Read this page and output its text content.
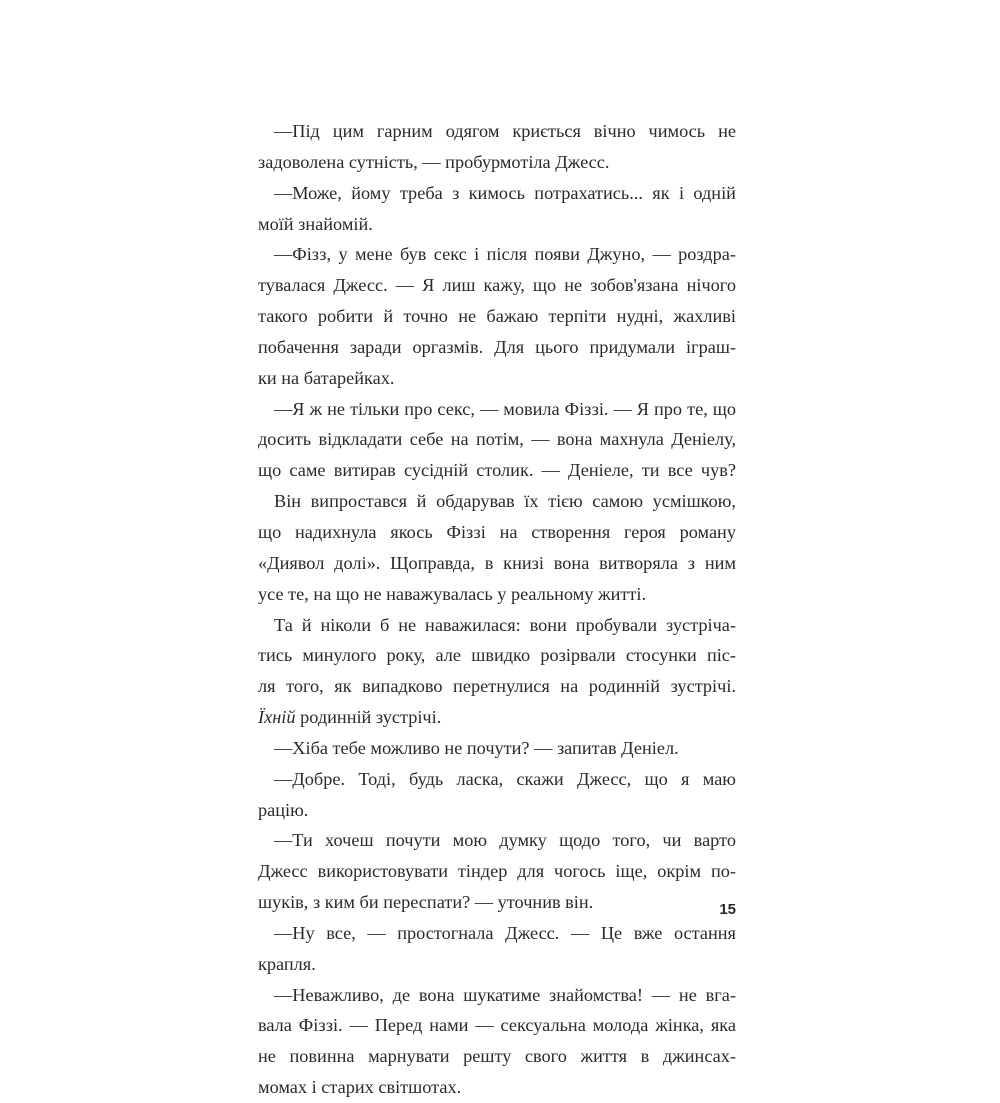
—Під цим гарним одягом криється вічно чимось не
задоволена сутність, — пробурмотіла Джесс.
—Може, йому треба з кимось потрахатись... як і одній
моїй знайомій.
—Фізз, у мене був секс і після появи Джуно, — роздра-
тувалася Джесс. — Я лиш кажу, що не зобов'язана нічого
такого робити й точно не бажаю терпіти нудні, жахливі
побачення заради оргазмів. Для цього придумали іграш-
ки на батарейках.
—Я ж не тільки про секс, — мовила Фіззі. — Я про те, що
досить відкладати себе на потім, — вона махнула Деніелу,
що саме витирав сусідній столик. — Деніеле, ти все чув?
Він випростався й обдарував їх тією самою усмішкою,
що надихнула якось Фіззі на створення героя роману
«Диявол долі». Щоправда, в книзі вона витворяла з ним
усе те, на що не наважувалась у реальному житті.
Та й ніколи б не наважилася: вони пробували зустріча-
тись минулого року, але швидко розірвали стосунки піс-
ля того, як випадково перетнулися на родинній зустрічі.
Їхній родинній зустрічі.
—Хіба тебе можливо не почути? — запитав Деніел.
—Добре. Тоді, будь ласка, скажи Джесс, що я маю
рацію.
—Ти хочеш почути мою думку щодо того, чи варто
Джесс використовувати тіндер для чогось іще, окрім по-
шуків, з ким би переспати? — уточнив він.
—Ну все, — простогнала Джесс. — Це вже остання
крапля.
—Неважливо, де вона шукатиме знайомства! — не вга-
вала Фіззі. — Перед нами — сексуальна молода жінка, яка
не повинна марнувати решту свого життя в джинсах-
момах і старих світшотах.
15
